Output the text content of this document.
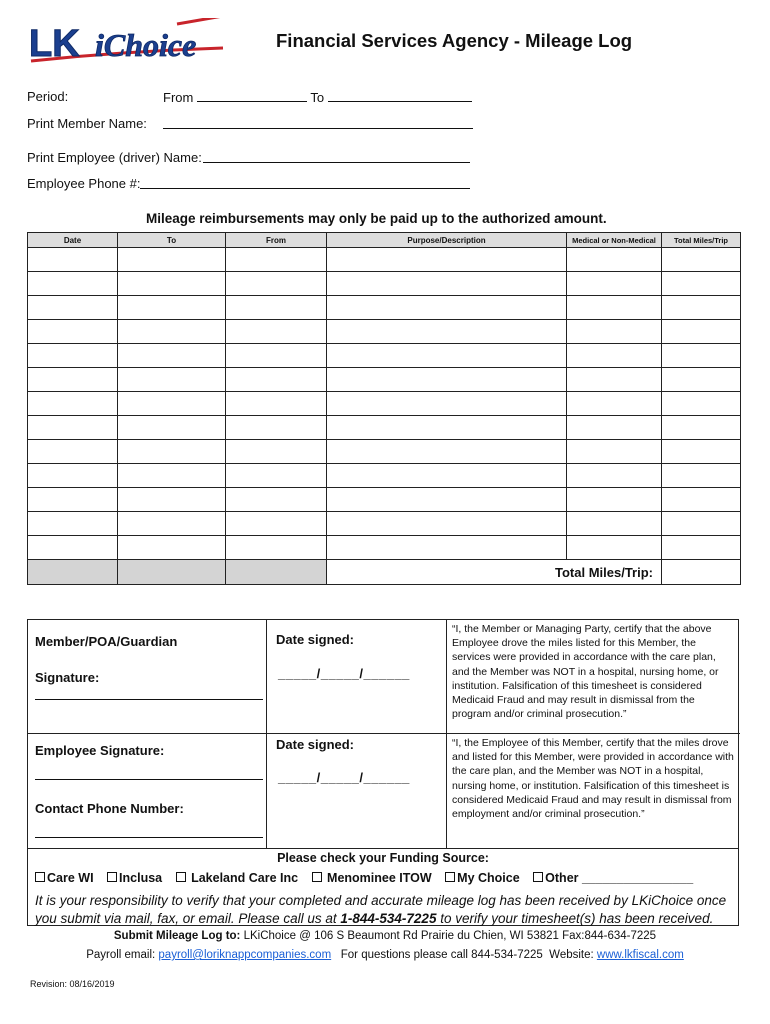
LK iChoice	Financial Services Agency - Mileage Log
Period:	From	To
Print Member Name:
Print Employee (driver) Name:
Employee Phone #:
Mileage reimbursements may only be paid up to the authorized amount.
Date	To	From	Purpose/Description	Medical or Non-Medical	Total Miles/Trip

			Total Miles/Trip:		
Member/POA/Guardian
Signature:
Date signed:
_____/_____/______
“I, the Member or Managing Party, certify that the above Employee drove the miles listed for this Member, the services were provided in accordance with the care plan, and the Member was NOT in a hospital, nursing home, or institution. Falsification of this timesheet is considered Medicaid Fraud and may result in dismissal from the program and/or criminal prosecution.”
Employee Signature:
Contact Phone Number:
Date signed:
_____/_____/______
“I, the Employee of this Member, certify that the miles drove and listed for this Member, were provided in accordance with the care plan, and the Member was NOT in a hospital, nursing home, or institution. Falsification of this timesheet is considered Medicaid Fraud and may result in dismissal from employment and/or criminal prosecution.”
Please check your Funding Source:
Care WI Inclusa Lakeland Care Inc Menominee ITOW My Choice Other ________________
It is your responsibility to verify that your completed and accurate mileage log has been received by LKiChoice once you submit via mail, fax, or email. Please call us at 1-844-534-7225 to verify your timesheet(s) has been received.
Submit Mileage Log to: LKiChoice @ 106 S Beaumont Rd Prairie du Chien, WI 53821 Fax:844-634-7225
Payroll email: payroll@loriknappcompanies.com   For questions please call 844-534-7225  Website: www.lkfiscal.com
Revision: 08/16/2019
